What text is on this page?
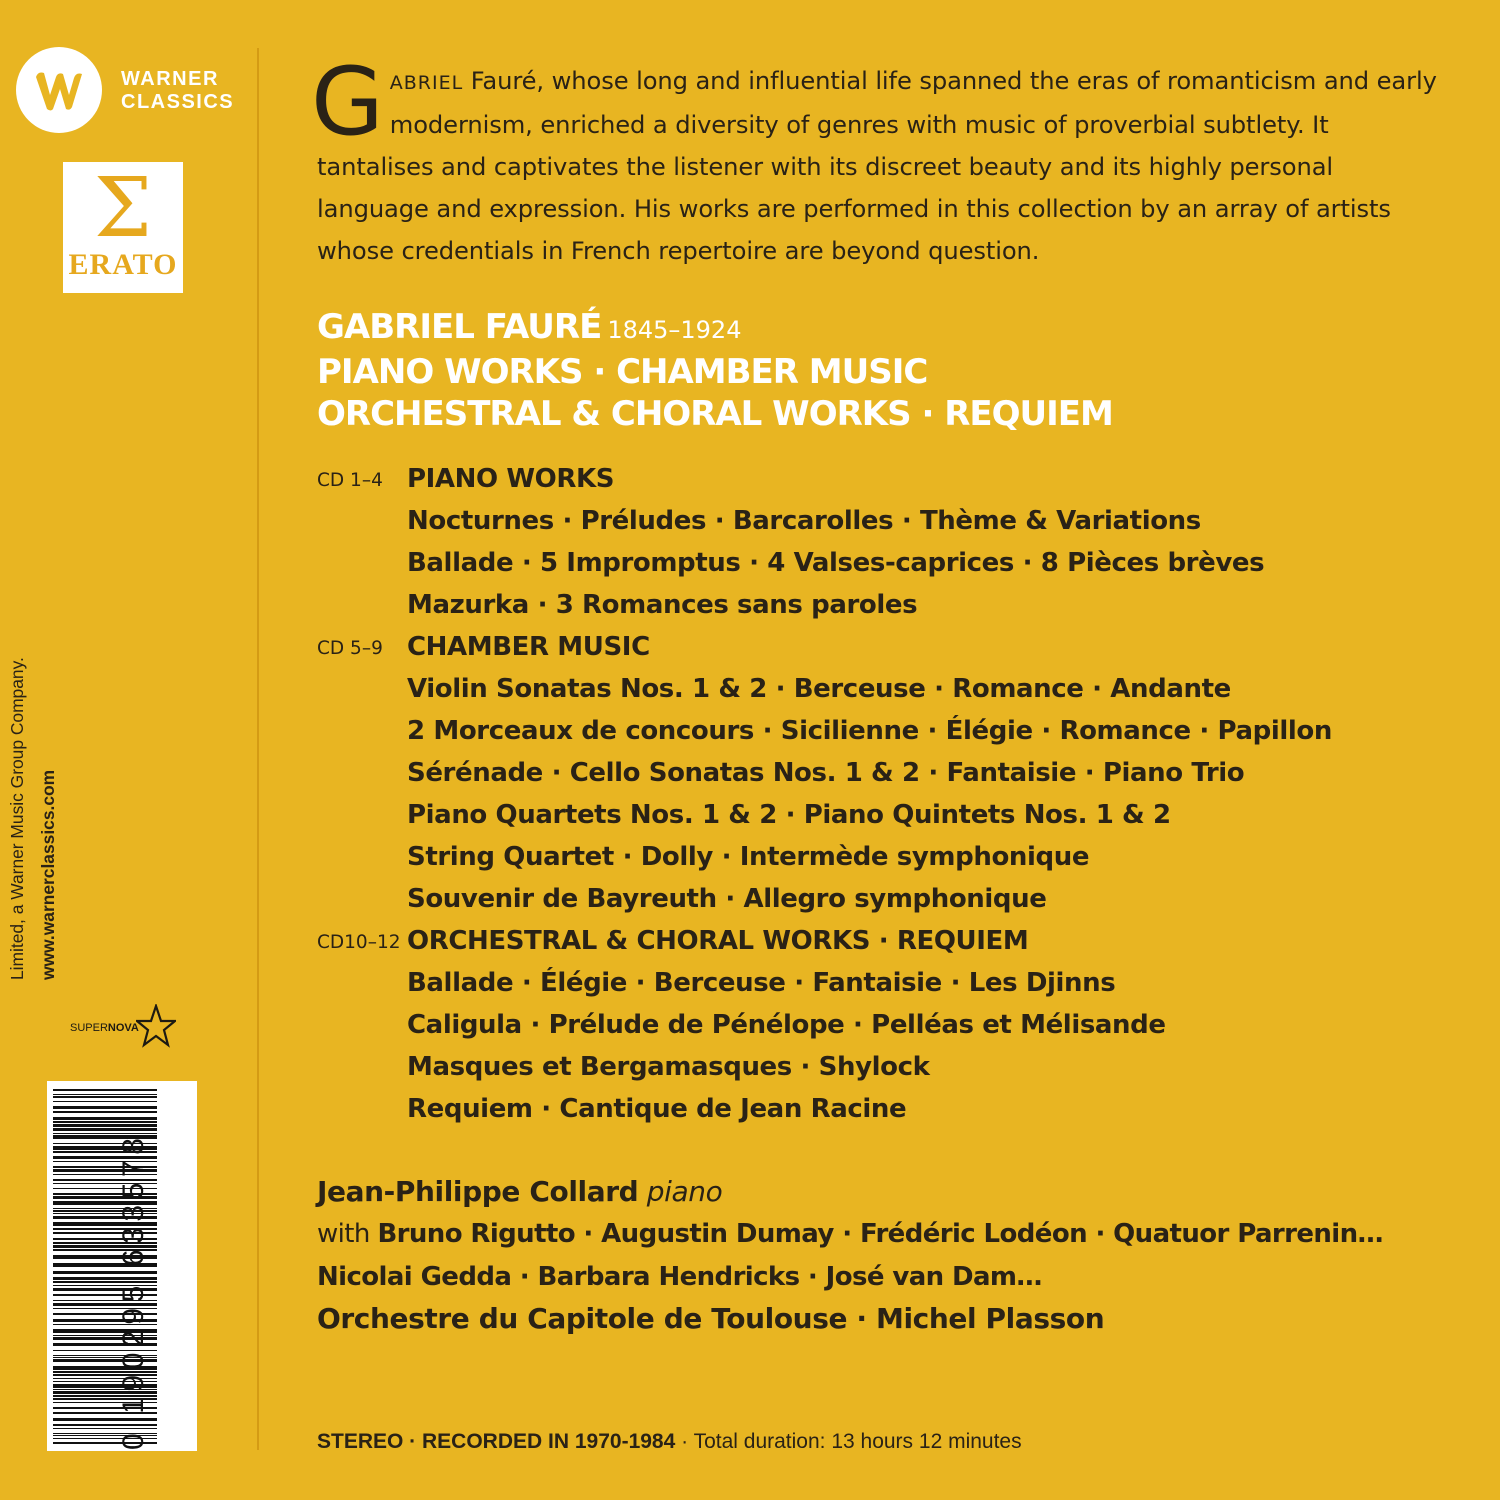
WARNER
CLASSICS
Σ
ERATO

Limited, a Warner Music Group Company. www.warnerclassics.com

SUPERNOVA
0 190295 633578
GABRIEL Fauré, whose long and influential life spanned the eras of romanticism and early modernism, enriched a diversity of genres with music of proverbial subtlety. It tantalises and captivates the listener with its discreet beauty and its highly personal language and expression. His works are performed in this collection by an array of artists whose credentials in French repertoire are beyond question.
GABRIEL FAURÉ 1845–1924
PIANO WORKS · CHAMBER MUSIC
ORCHESTRAL & CHORAL WORKS · REQUIEM
CD 1–4 PIANO WORKS
Nocturnes · Préludes · Barcarolles · Thème & Variations
Ballade · 5 Impromptus · 4 Valses-caprices · 8 Pièces brèves
Mazurka · 3 Romances sans paroles
CD 5–9 CHAMBER MUSIC
Violin Sonatas Nos. 1 & 2 · Berceuse · Romance · Andante
2 Morceaux de concours · Sicilienne · Élégie · Romance · Papillon
Sérénade · Cello Sonatas Nos. 1 & 2 · Fantaisie · Piano Trio
Piano Quartets Nos. 1 & 2 · Piano Quintets Nos. 1 & 2
String Quartet · Dolly · Intermède symphonique
Souvenir de Bayreuth · Allegro symphonique
CD10–12 ORCHESTRAL & CHORAL WORKS · REQUIEM
Ballade · Élégie · Berceuse · Fantaisie · Les Djinns
Caligula · Prélude de Pénélope · Pelléas et Mélisande
Masques et Bergamasques · Shylock
Requiem · Cantique de Jean Racine
Jean-Philippe Collard piano
with Bruno Rigutto · Augustin Dumay · Frédéric Lodéon · Quatuor Parrenin…
Nicolai Gedda · Barbara Hendricks · José van Dam…
Orchestre du Capitole de Toulouse · Michel Plasson
STEREO · RECORDED IN 1970-1984 · Total duration: 13 hours 12 minutes
